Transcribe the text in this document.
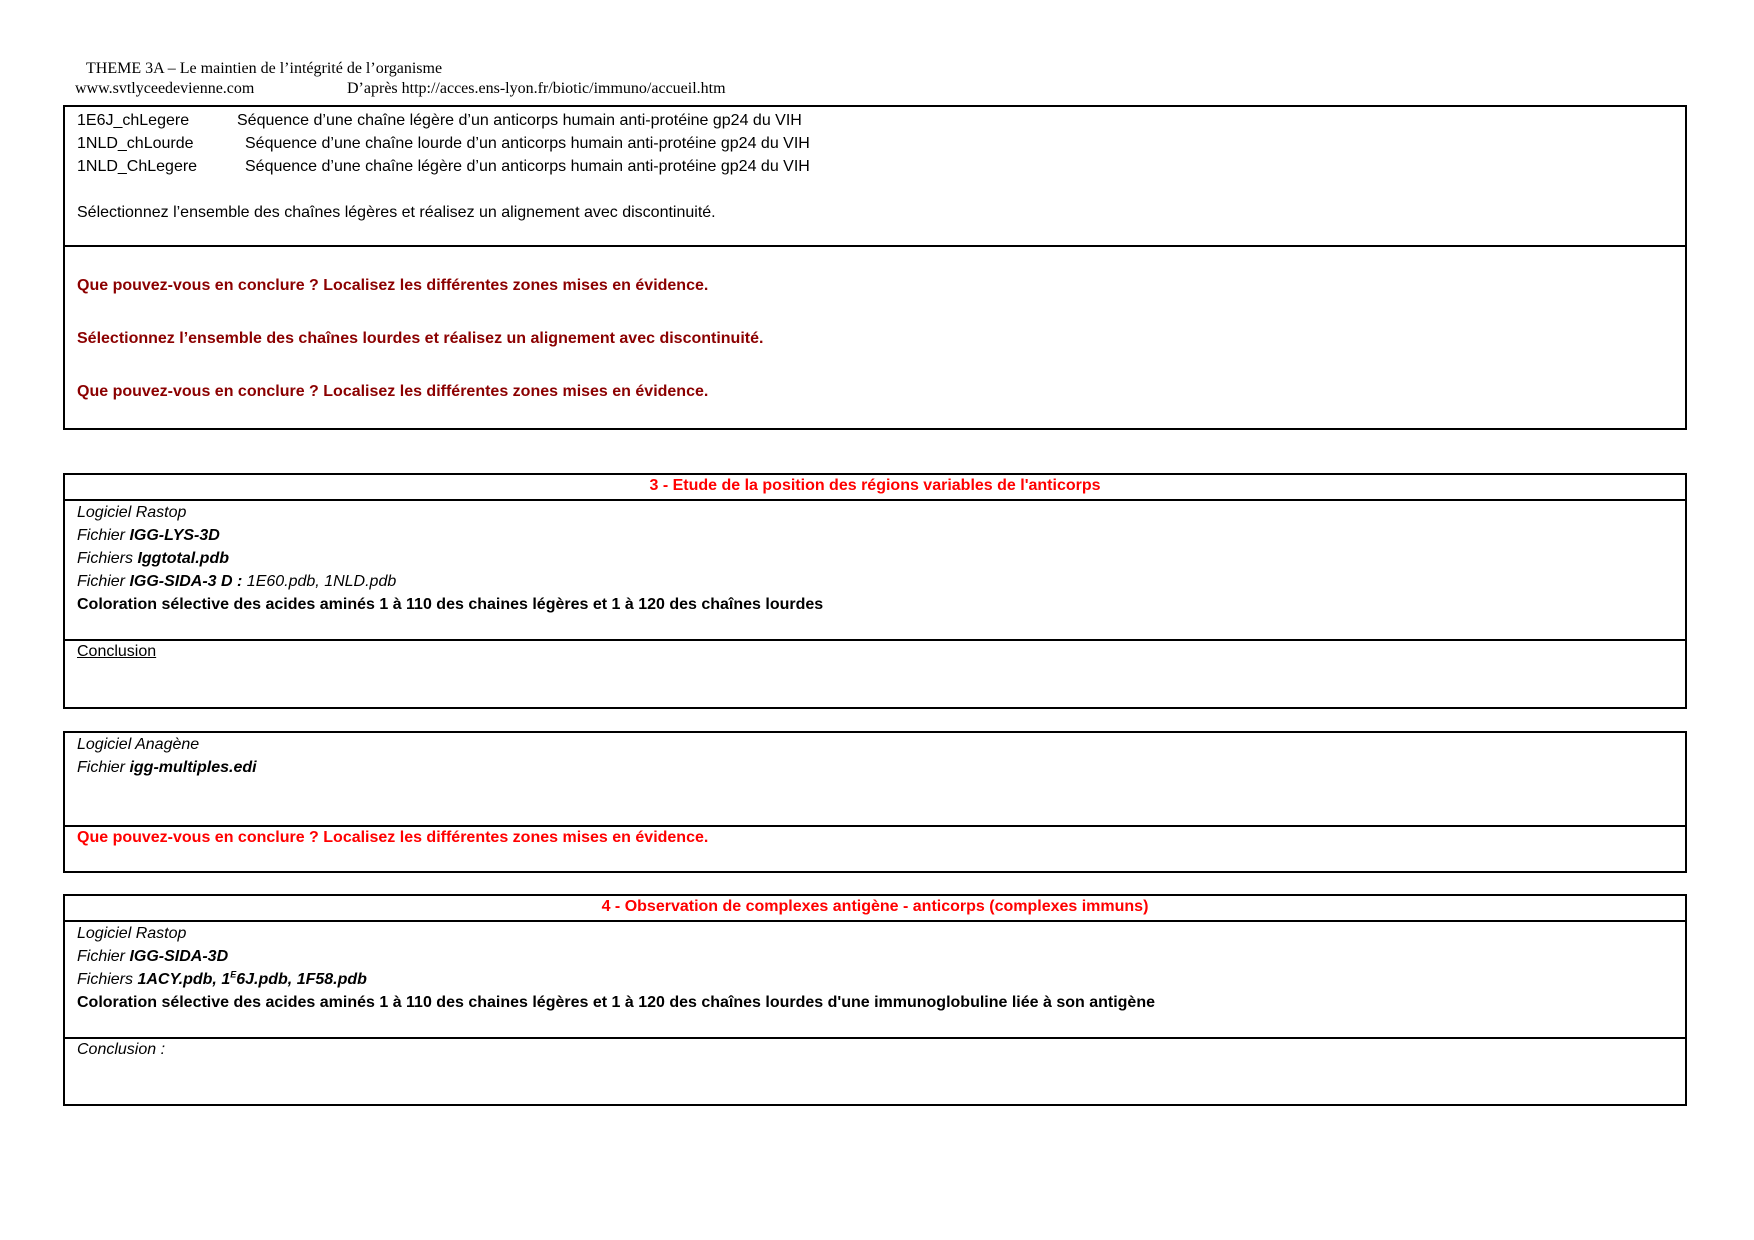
THEME 3A – Le maintien de l’intégrité de l’organisme
www.svtlyceedevienne.com	D’après http://acces.ens-lyon.fr/biotic/immuno/accueil.htm
1E6J_chLegere	Séquence d’une chaîne légère d’un anticorps humain anti-protéine gp24 du VIH
1NLD_chLourde	Séquence d’une chaîne lourde d’un anticorps humain anti-protéine gp24 du VIH
1NLD_ChLegere	Séquence d’une chaîne légère d’un anticorps humain anti-protéine gp24 du VIH
Sélectionnez l’ensemble des chaînes légères et réalisez un alignement avec discontinuité.
Que pouvez-vous en conclure ? Localisez les différentes zones mises en évidence.
Sélectionnez l’ensemble des chaînes lourdes et réalisez un alignement avec discontinuité.
Que pouvez-vous en conclure ? Localisez les différentes zones mises en évidence.
3 - Etude de la position des régions variables de l'anticorps
Logiciel Rastop
Fichier IGG-LYS-3D
Fichiers Iggtotal.pdb
Fichier IGG-SIDA-3 D : 1E60.pdb, 1NLD.pdb
Coloration sélective des acides aminés 1 à 110 des chaines légères et 1 à 120 des chaînes lourdes
Conclusion
Logiciel Anagène
Fichier igg-multiples.edi
Que pouvez-vous en conclure ? Localisez les différentes zones mises en évidence.
4 - Observation de complexes antigène - anticorps (complexes immuns)
Logiciel Rastop
Fichier IGG-SIDA-3D
Fichiers 1ACY.pdb, $1^E6J.pdb$, 1F58.pdb
Coloration sélective des acides aminés 1 à 110 des chaines légères et 1 à 120 des chaînes lourdes d'une immunoglobuline liée à son antigène
Conclusion :
